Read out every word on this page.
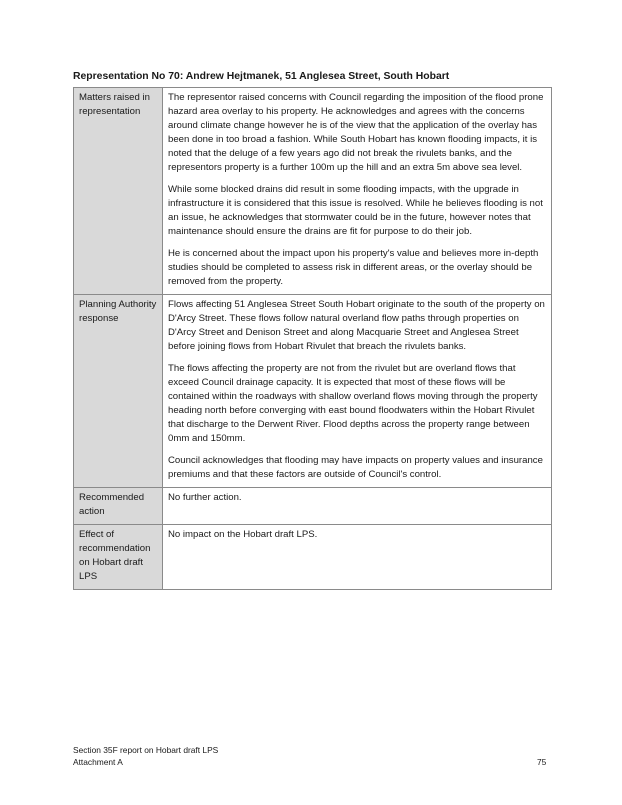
Representation No 70: Andrew Hejtmanek, 51 Anglesea Street, South Hobart
Matters raised in representation	The representor raised concerns with Council regarding the imposition of the flood prone hazard area overlay to his property. He acknowledges and agrees with the concerns around climate change however he is of the view that the application of the overlay has been done in too broad a fashion. While South Hobart has known flooding impacts, it is noted that the deluge of a few years ago did not break the rivulets banks, and the representors property is a further 100m up the hill and an extra 5m above sea level.

While some blocked drains did result in some flooding impacts, with the upgrade in infrastructure it is considered that this issue is resolved. While he believes flooding is not an issue, he acknowledges that stormwater could be in the future, however notes that maintenance should ensure the drains are fit for purpose to do their job.

He is concerned about the impact upon his property's value and believes more in-depth studies should be completed to assess risk in different areas, or the overlay should be removed from the property.

Planning Authority response	Flows affecting 51 Anglesea Street South Hobart originate to the south of the property on D'Arcy Street. These flows follow natural overland flow paths through properties on D'Arcy Street and Denison Street and along Macquarie Street and Anglesea Street before joining flows from Hobart Rivulet that breach the rivulets banks.

The flows affecting the property are not from the rivulet but are overland flows that exceed Council drainage capacity. It is expected that most of these flows will be contained within the roadways with shallow overland flows moving through the property heading north before converging with east bound floodwaters within the Hobart Rivulet that discharge to the Derwent River. Flood depths across the property range between 0mm and 150mm.

Council acknowledges that flooding may have impacts on property values and insurance premiums and that these factors are outside of Council's control.

Recommended action	No further action.

Effect of recommendation on Hobart draft LPS	No impact on the Hobart draft LPS.

Section 35F report on Hobart draft LPS
Attachment A	75
